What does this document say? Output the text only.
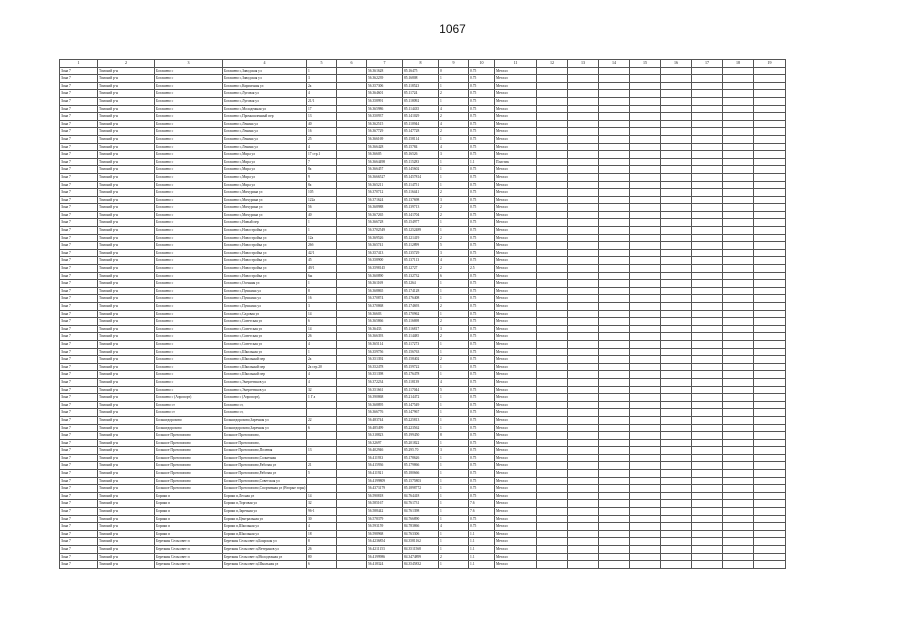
1067
1	2	3	4	5	6	7	8	9	10	11	12	13	14	15	16	17	18	19
Зона 7	Томский р-н	Богашево с	Богашево с,Заводская ул	1		56.361628	85.16475	0	0.75	Металл								
Зона 7	Томский р-н	Богашево с	Богашево с,Заводская ул	3		56.362239	85.16808	1	0.75	Металл								
Зона 7	Томский р-н	Богашево с	Богашево с,Кирпичная ул	2а		56.357306	85.118523	1	0.75	Металл								
Зона 7	Томский р-н	Богашево с	Богашево с,Луговая ул	4		56.364601	85.11724	2	0.75	Металл								
Зона 7	Томский р-н	Богашево с	Богашево с,Луговая ул	21/1		56.358991	85.118092	1	0.75	Металл								
Зона 7	Томский р-н	Богашево с	Богашево с,Молодежная ул	17		56.365986	85.114435	4	0.75	Металл								
Зона 7	Томский р-н	Богашево с	Богашево с,Промышленный пер	13		56.350937	85.141029	2	0.75	Металл								
Зона 7	Томский р-н	Богашево с	Богашево с,Ленина ул	40		56.362515	85.110944	4	0.75	Металл								
Зона 7	Томский р-н	Богашево с	Богашево с,Ленина ул	16		56.367729	85.147728	2	0.75	Металл								
Зона 7	Томский р-н	Богашево с	Богашево с,Ленина ул	25		56.366169	85.158114	1	0.75	Металл								
Зона 7	Томский р-н	Богашево с	Богашево с,Ленина ул	4		56.366428	85.15784	4	0.75	Металл								
Зона 7	Томский р-н	Богашево с	Богашево с,Мира ул	17 стр.1		56.36605	85.16526	3	0.75	Металл								
Зона 7	Томский р-н	Богашево с	Богашево с,Мира ул	7		56.3664498	85.115283	1	1.1	Пластик								
Зона 7	Томский р-н	Богашево с	Богашево с,Мира ул	8а		56.366457	85.145602	1	0.75	Металл								
Зона 7	Томский р-н	Богашево с	Богашево с,Мира ул	9		56.3666527	85.1457814	1	0.75	Металл								
Зона 7	Томский р-н	Богашево с	Богашево с,Мира ул	8а		56.365211	85.114751	1	0.75	Металл								
Зона 7	Томский р-н	Богашево с	Богашево с,Мичурина ул	105		56.370712	85.116441	2	0.75	Металл								
Зона 7	Томский р-н	Богашево с	Богашево с,Мичурина ул	122а		56.371624	85.137698	3	0.75	Металл								
Зона 7	Томский р-н	Богашево с	Богашево с,Мичурина ул	56		56.368988	85.139713	2	0.75	Металл								
Зона 7	Томский р-н	Богашево с	Богашево с,Мичурина ул	40		56.367265	85.141704	2	0.75	Металл								
Зона 7	Томский р-н	Богашево с	Богашево с,Новый пер	1		56.366728	85.154977	1	0.75	Металл								
Зона 7	Томский р-н	Богашево с	Богашево с,Новостройка ул	1		56.3702549	85.1252489	1	0.75	Металл								
Зона 7	Томский р-н	Богашево с	Богашево с,Новостройка ул	12а		56.369526	85.121419	2	0.75	Металл								
Зона 7	Томский р-н	Богашево с	Богашево с,Новостройка ул	26б		56.365741	85.112899	5	0.75	Металл								
Зона 7	Томский р-н	Богашево с	Богашево с,Новостройка ул	42/1		56.357413	85.135729	3	0.75	Металл								
Зона 7	Томский р-н	Богашево с	Богашево с,Новостройка ул	45		56.358900	85.137113	4	0.75	Металл								
Зона 7	Томский р-н	Богашево с	Богашево с,Новостройка ул	49/1		56.3598145	85.12727	2	2.5	Металл								
Зона 7	Томский р-н	Богашево с	Богашево с,Новостройка ул	6ж		56.360890	85.132732	6	0.75	Металл								
Зона 7	Томский р-н	Богашево с	Богашево с,Осенняя ул	1		56.361169	85.1264	1	0.75	Металл								
Зона 7	Томский р-н	Богашево с	Богашево с,Пушкина ул	8		56.368865	85.174128	1	0.75	Металл								
Зона 7	Томский р-н	Богашево с	Богашево с,Пушкина ул	16		56.370874	85.176408	1	0.75	Металл								
Зона 7	Томский р-н	Богашево с	Богашево с,Пушкина ул	3		56.370868	85.174693	2	0.75	Металл								
Зона 7	Томский р-н	Богашево с	Богашево с,Садовая ул	14		56.36603	85.170962	1	0.75	Металл								
Зона 7	Томский р-н	Богашево с	Богашево с,Советская ул	6		56.365866	85.116698	2	0.75	Металл								
Зона 7	Томский р-н	Богашево с	Богашево с,Советская ул	14		56.36433	85.116817	3	0.75	Металл								
Зона 7	Томский р-н	Богашево с	Богашево с,Советская ул	26		56.366393	85.114485	2	0.75	Металл								
Зона 7	Томский р-н	Богашево с	Богашево с,Советская ул	4		56.365114	85.117273	1	0.75	Металл								
Зона 7	Томский р-н	Богашево с	Богашево с,Школьная ул	1		56.359756	85.156763	1	0.75	Металл								
Зона 7	Томский р-н	Богашево с	Богашево с,Школьный пер	2а		56.351392	85.158402	2	0.75	Металл								
Зона 7	Томский р-н	Богашево с	Богашево с,Школьный пер	2а стр.20		56.352478	85.159722	1	0.75	Металл								
Зона 7	Томский р-н	Богашево с	Богашево с,Школьный пер	4		56.351398	85.176478	1	0.75	Металл								
Зона 7	Томский р-н	Богашево с	Богашево с,Энергетиков ул	4		56.372234	85.118139	4	0.75	Металл								
Зона 7	Томский р-н	Богашево с	Богашево с,Энергетиков ул	32		56.351661	85.117044	5	0.75	Металл								
Зона 7	Томский р-н	Богашево с (Аэропорт)	Богашево с (Аэропорт),	1 Г а		56.390868	85.214472	1	0.75	Металл								
Зона 7	Томский р-н	Богашево ст	Богашево ст,			56.368895	85.147549	1	0.75	Металл								
Зона 7	Томский р-н	Богашево ст	Богашево ст,			56.366776	85.147967	1	0.75	Металл								
Зона 7	Томский р-н	Большедорохово	Большедорохово,Заречная ул	22		56.483744	85.225813	1	0.75	Металл								
Зона 7	Томский р-н	Большедорохово	Большедорохово,Заречная ул	6		56.485499	85.223562	1	0.75	Металл								
Зона 7	Томский р-н	Большое Протопопово	Большое Протопопово,			56.318823	85.199450	8	0.75	Металл								
Зона 7	Томский р-н	Большое Протопопово	Большое Протопопово,			56.32697	85.201822	1	0.75	Металл								
Зона 7	Томский р-н	Большое Протопопово	Большое Протопопово,Полевая	13		56.402946	85.295.70	3	0.75	Металл								
Зона 7	Томский р-н	Большое Протопопово	Большое Протопопово,Солнечная			56.411933	85.178626	1	0.75	Металл								
Зона 7	Томский р-н	Большое Протопопово	Большое Протопопово,Рабочая ул	21		56.415936	85.179866	1	0.75	Металл								
Зона 7	Томский р-н	Большое Протопопово	Большое Протопопово,Рабочая ул	5		56.411921	85.180666	1	0.75	Металл								
Зона 7	Томский р-н	Большое Протопопово	Большое Протопопово,Советская ул			56.4199809	85.1575803	1	0.75	Металл								
Зона 7	Томский р-н	Большое Протопопово	Большое Протопопово,Спортивная ул (Вторые горы)			56.4373179	85.1898772	1	0.75	Металл								
Зона 7	Томский р-н	Борики п	Борики п,Лесная ул	14		56.590818	84.764418	1	0.75	Металл								
Зона 7	Томский р-н	Борики п	Борики п,Торговая ул	32		56.585167	84.761731	1	7.6	Металл								
Зона 7	Томский р-н	Борики п	Борики п,Заречная ул	96-1		56.588442	84.761398	1	7.6	Металл								
Зона 7	Томский р-н	Борики п	Борики п,Центральная ул	30		56.578379	84.766890	1	0.75	Металл								
Зона 7	Томский р-н	Борики п	Борики п,Школьная ул	4		56.593159	84.783866	4	0.75	Металл								
Зона 7	Томский р-н	Борики п	Борики п,Школьная ул	18		56.598968	84.763306	1	1.1	Металл								
Зона 7	Томский р-н	Березкин Сельсовет п	Березкин Сельсовет п,Боярская ул	8		56.4236854	84.3581162	1	1.1	Металл								
Зона 7	Томский р-н	Березкин Сельсовет п	Березкин Сельсовет п,Ветеранов ул	26		56.4211153	84.3511568	1	1.1	Металл								
Зона 7	Томский р-н	Березкин Сельсовет п	Березкин Сельсовет п,Молодежная ул	80		56.4199986	84.3474899	2	1.1	Металл								
Зона 7	Томский р-н	Березкин Сельсовет п	Березкин Сельсовет п,Школьная ул	6		56.418324	84.3545832	1	1.1	Металл								
